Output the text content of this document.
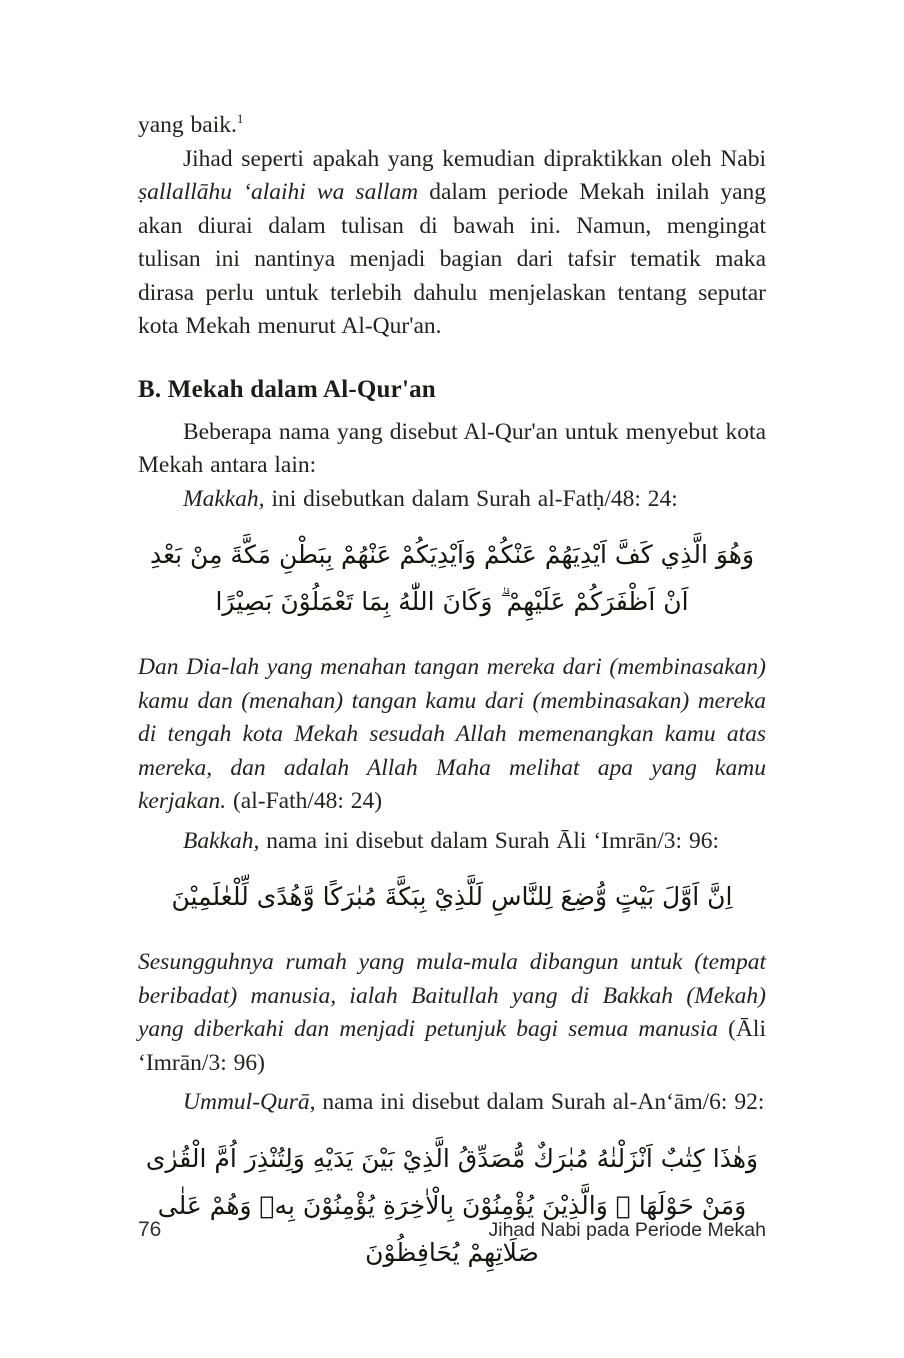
yang baik.$^1$

Jihad seperti apakah yang kemudian dipraktikkan oleh Nabi ṣallallāhu ‘alaihi wa sallam dalam periode Mekah inilah yang akan diurai dalam tulisan di bawah ini. Namun, mengingat tulisan ini nantinya menjadi bagian dari tafsir tematik maka dirasa perlu untuk terlebih dahulu menjelaskan tentang seputar kota Mekah menurut Al-Qur'an.

B. Mekah dalam Al-Qur'an

Beberapa nama yang disebut Al-Qur'an untuk menyebut kota Mekah antara lain:

Makkah, ini disebutkan dalam Surah al-Fatḥ/48: 24:

وَهُوَ الَّذِي كَفَّ اَيْدِيَهُمْ عَنْكُمْ وَاَيْدِيَكُمْ عَنْهُمْ بِبَطْنِ مَكَّةَ مِنْ بَعْدِ اَنْ اَظْفَرَكُمْ عَلَيْهِمْ ۗ وَكَانَ اللّٰهُ بِمَا تَعْمَلُوْنَ بَصِيْرًا

Dan Dia-lah yang menahan tangan mereka dari (membinasakan) kamu dan (menahan) tangan kamu dari (membinasakan) mereka di tengah kota Mekah sesudah Allah memenangkan kamu atas mereka, dan adalah Allah Maha melihat apa yang kamu kerjakan. (al-Fath/48: 24)

Bakkah, nama ini disebut dalam Surah Āli ‘Imrān/3: 96:

اِنَّ اَوَّلَ بَيْتٍ وُّضِعَ لِلنَّاسِ لَلَّذِيْ بِبَكَّةَ مُبٰرَكًا وَّهُدًى لِّلْعٰلَمِيْنَ

Sesungguhnya rumah yang mula-mula dibangun untuk (tempat beribadat) manusia, ialah Baitullah yang di Bakkah (Mekah) yang diberkahi dan menjadi petunjuk bagi semua manusia (Āli ‘Imrān/3: 96)

Ummul-Qurā, nama ini disebut dalam Surah al-An‘ām/6: 92:

وَهٰذَا كِتٰبٌ اَنْزَلْنٰهُ مُبٰرَكٌ مُّصَدِّقُ الَّذِيْ بَيْنَ يَدَيْهِ وَلِتُنْذِرَ اُمَّ الْقُرٰى وَمَنْ حَوْلَهَا ۗ وَالَّذِيْنَ يُؤْمِنُوْنَ بِالْاٰخِرَةِ يُؤْمِنُوْنَ بِهٖ وَهُمْ عَلٰى صَلَاتِهِمْ يُحَافِظُوْنَ
76	Jihad Nabi pada Periode Mekah
